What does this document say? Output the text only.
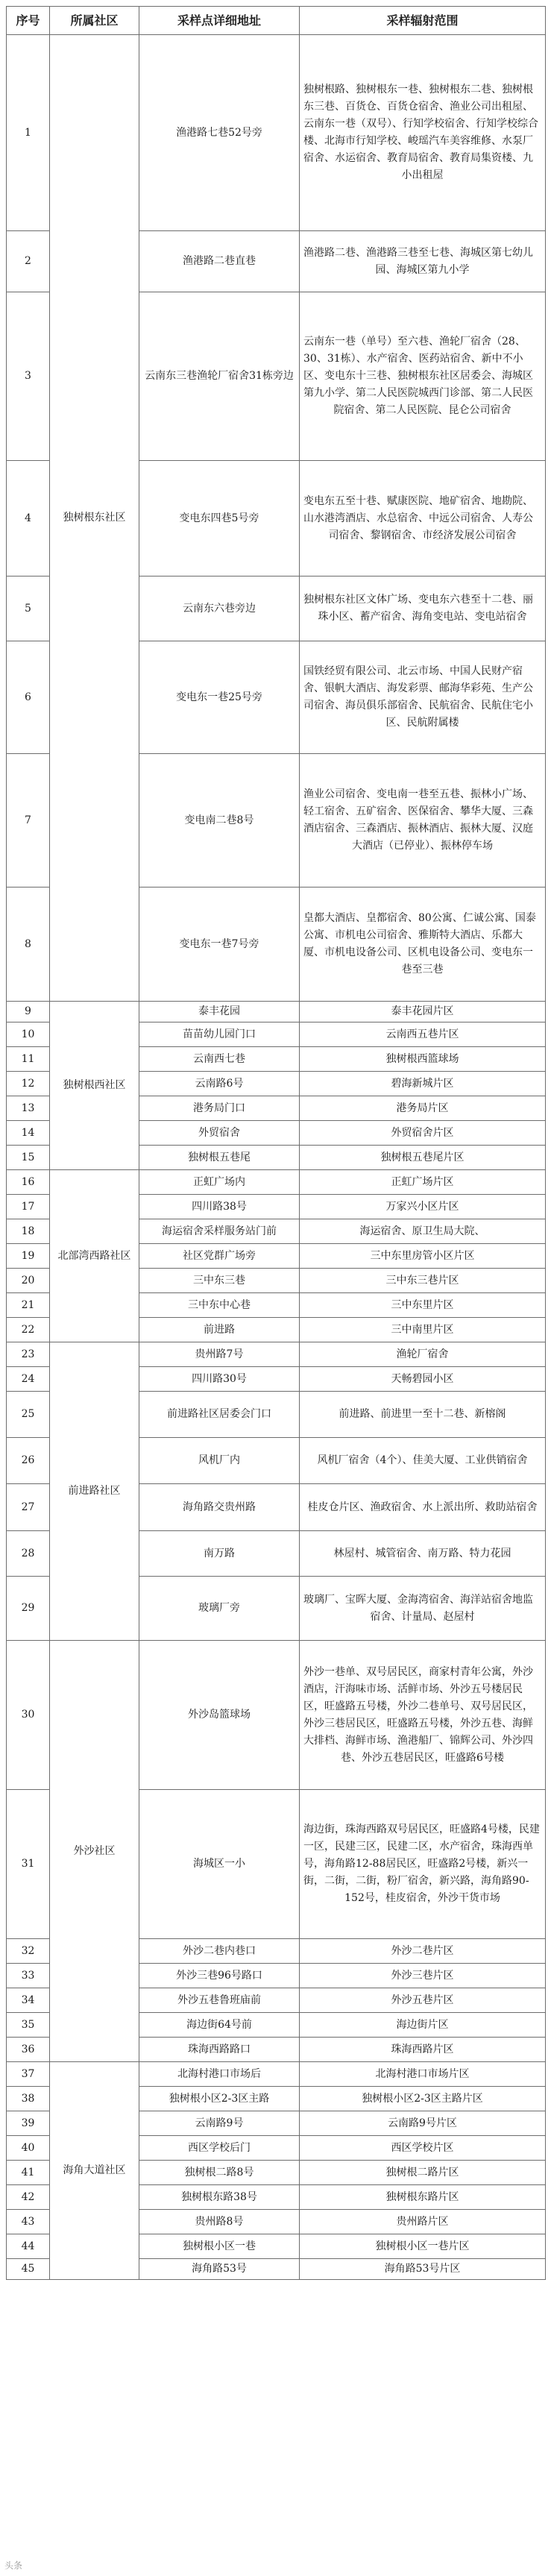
序号	所属社区	采样点详细地址	采样辐射范围
1	独树根东社区	渔港路七巷52号旁	独树根路、独树根东一巷、独树根东二巷、独树根东三巷、百货仓、百货仓宿舍、渔业公司出租屋、云南东一巷（双号）、行知学校宿舍、行知学校综合楼、北海市行知学校、峻瑶汽车美容维修、水泵厂宿舍、水运宿舍、教育局宿舍、教育局集资楼、九小出租屋
2		渔港路二巷直巷	渔港路二巷、渔港路三巷至七巷、海城区第七幼儿园、海城区第九小学
3		云南东三巷渔轮厂宿舍31栋旁边	云南东一巷（单号）至六巷、渔轮厂宿舍（28、30、31栋）、水产宿舍、医药站宿舍、新中不小区、变电东十三巷、独树根东社区居委会、海城区第九小学、第二人民医院城西门诊部、第二人民医院宿舍、第二人民医院、昆仑公司宿舍
4		变电东四巷5号旁	变电东五至十巷、赋康医院、地矿宿舍、地勘院、山水港湾酒店、水总宿舍、中远公司宿舍、人寿公司宿舍、黎钢宿舍、市经济发展公司宿舍
5		云南东六巷旁边	独树根东社区文体广场、变电东六巷至十二巷、丽珠小区、蓄产宿舍、海角变电站、变电站宿舍
6		变电东一巷25号旁	国铁经贸有限公司、北云市场、中国人民财产宿舍、银帆大酒店、海发彩票、邮海华彩苑、生产公司宿舍、海员俱乐部宿舍、民航宿舍、民航住宅小区、民航附属楼
7		变电南二巷8号	渔业公司宿舍、变电南一巷至五巷、振林小广场、轻工宿舍、五矿宿舍、医保宿舍、攀华大厦、三森酒店宿舍、三森酒店、振林酒店、振林大厦、汉庭大酒店（已停业）、振林停车场
8		变电东一巷7号旁	皇都大酒店、皇都宿舍、80公寓、仁诚公寓、国泰公寓、市机电公司宿舍、雅斯特大酒店、乐都大厦、市机电设备公司、区机电设备公司、变电东一巷至三巷
9	独树根西社区	泰丰花园	泰丰花园片区
10		苗苗幼儿园门口	云南西五巷片区
11		云南西七巷	独树根西篮球场
12		云南路6号	碧海新城片区
13		港务局门口	港务局片区
14		外贸宿舍	外贸宿舍片区
15		独树根五巷尾	独树根五巷尾片区
16	北部湾西路社区	正虹广场内	正虹广场片区
17		四川路38号	万家兴小区片区
18		海运宿舍采样服务站门前	海运宿舍、原卫生局大院、
19		社区党群广场旁	三中东里房管小区片区
20		三中东三巷	三中东三巷片区
21		三中东中心巷	三中东里片区
22		前进路	三中南里片区
23	前进路社区	贵州路7号	渔轮厂宿舍
24		四川路30号	天畅碧园小区
25		前进路社区居委会门口	前进路、前进里一至十二巷、新榕阁
26		风机厂内	风机厂宿舍（4个）、佳美大厦、工业供销宿舍
27		海角路交贵州路	桂皮仓片区、渔政宿舍、水上派出所、救助站宿舍
28		南万路	林屋村、城管宿舍、南万路、特力花园
29		玻璃厂旁	玻璃厂、宝晖大厦、金海湾宿舍、海洋站宿舍地监宿舍、计量局、赵屋村
30	外沙社区	外沙岛篮球场	外沙一巷单、双号居民区，商家村青年公寓，外沙酒店，汗海味市场、活鲜市场、外沙五号楼居民区，旺盛路五号楼，外沙二巷单号、双号居民区，外沙三巷居民区，旺盛路五号楼，外沙五巷、海鲜大排档、海鲜市场、渔港船厂、锦辉公司、外沙四巷、外沙五巷居民区，旺盛路6号楼
31		海城区一小	海边街，珠海西路双号居民区，旺盛路4号楼，民建一区，民建三区，民建二区，水产宿舍，珠海西单号，海角路12-88居民区，旺盛路2号楼，新兴一街，二街，二街，粉厂宿舍，新兴路，海角路90-152号，桂皮宿舍，外沙干货市场
32		外沙二巷内巷口	外沙二巷片区
33		外沙三巷96号路口	外沙三巷片区
34		外沙五巷鲁班庙前	外沙五巷片区
35		海边街64号前	海边街片区
36		珠海西路路口	珠海西路片区
37	海角大道社区	北海村港口市场后	北海村港口市场片区
38		独树根小区2-3区主路	独树根小区2-3区主路片区
39		云南路9号	云南路9号片区
40		西区学校后门	西区学校片区
41		独树根二路8号	独树根二路片区
42		独树根东路38号	独树根东路片区
43		贵州路8号	贵州路片区
44		独树根小区一巷	独树根小区一巷片区
45		海角路53号	海角路53号片区
头条
